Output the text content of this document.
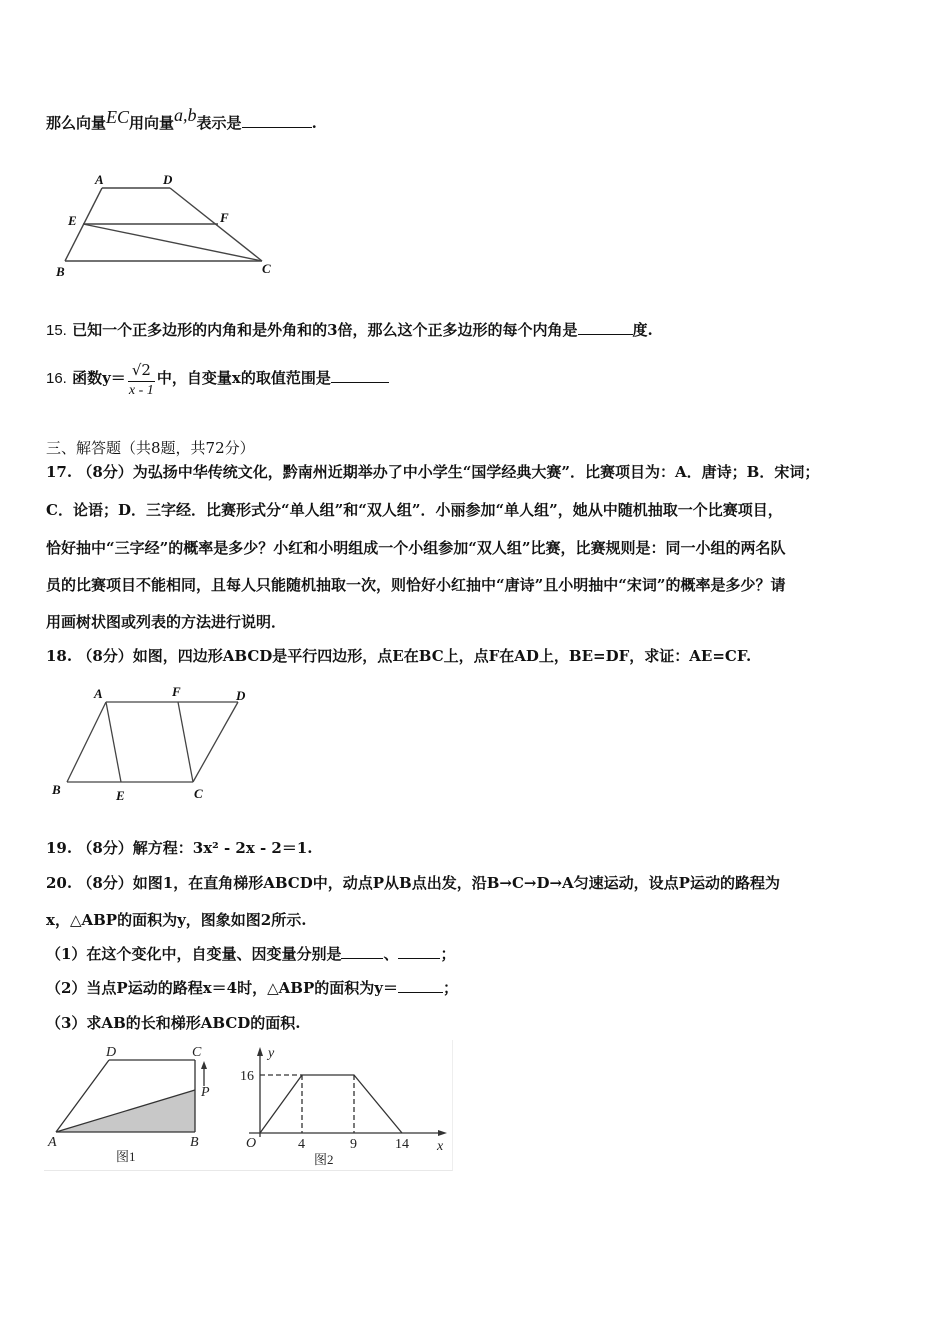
那么向量EC用向量a,b表示是	.
A	D
E	F
B	C
15. 已知一个正多边形的内角和是外角和的3倍，那么这个正多边形的每个内角是	度.
16. 函数$y= \frac{√2}{x - 1}$ 中，自变量x的取值范围是
三、解答题（共8题，共72分）
17. （8分）为弘扬中华传统文化，黔南州近期举办了中小学生“国学经典大赛”．比赛项目为：A．唐诗；B．宋词；
C．论语；D．三字经．比赛形式分“单人组”和“双人组”．小丽参加“单人组”，她从中随机抽取一个比赛项目，
恰好抽中“三字经”的概率是多少？小红和小明组成一个小组参加“双人组”比赛，比赛规则是：同一小组的两名队
员的比赛项目不能相同，且每人只能随机抽取一次，则恰好小红抽中“唐诗”且小明抽中“宋词”的概率是多少？请
用画树状图或列表的方法进行说明．
18. （8分）如图，四边形ABCD是平行四边形，点E在BC上，点F在AD上，BE=DF，求证：AE=CF.
A	F	D
B	E	C
19. （8分）解方程：3x² - 2x - 2＝1.
20. （8分）如图1，在直角梯形ABCD中，动点P从B点出发，沿B→C→D→A匀速运动，设点P运动的路程为
x，△ABP的面积为y，图象如图2所示.
（1）在这个变化中，自变量、因变量分别是	、	；
（2）当点P运动的路程x＝4时，△ABP的面积为y＝	；
（3）求AB的长和梯形ABCD的面积.
D	C
P
A	B
图1
y
16
O	4	9	14 x
图2
